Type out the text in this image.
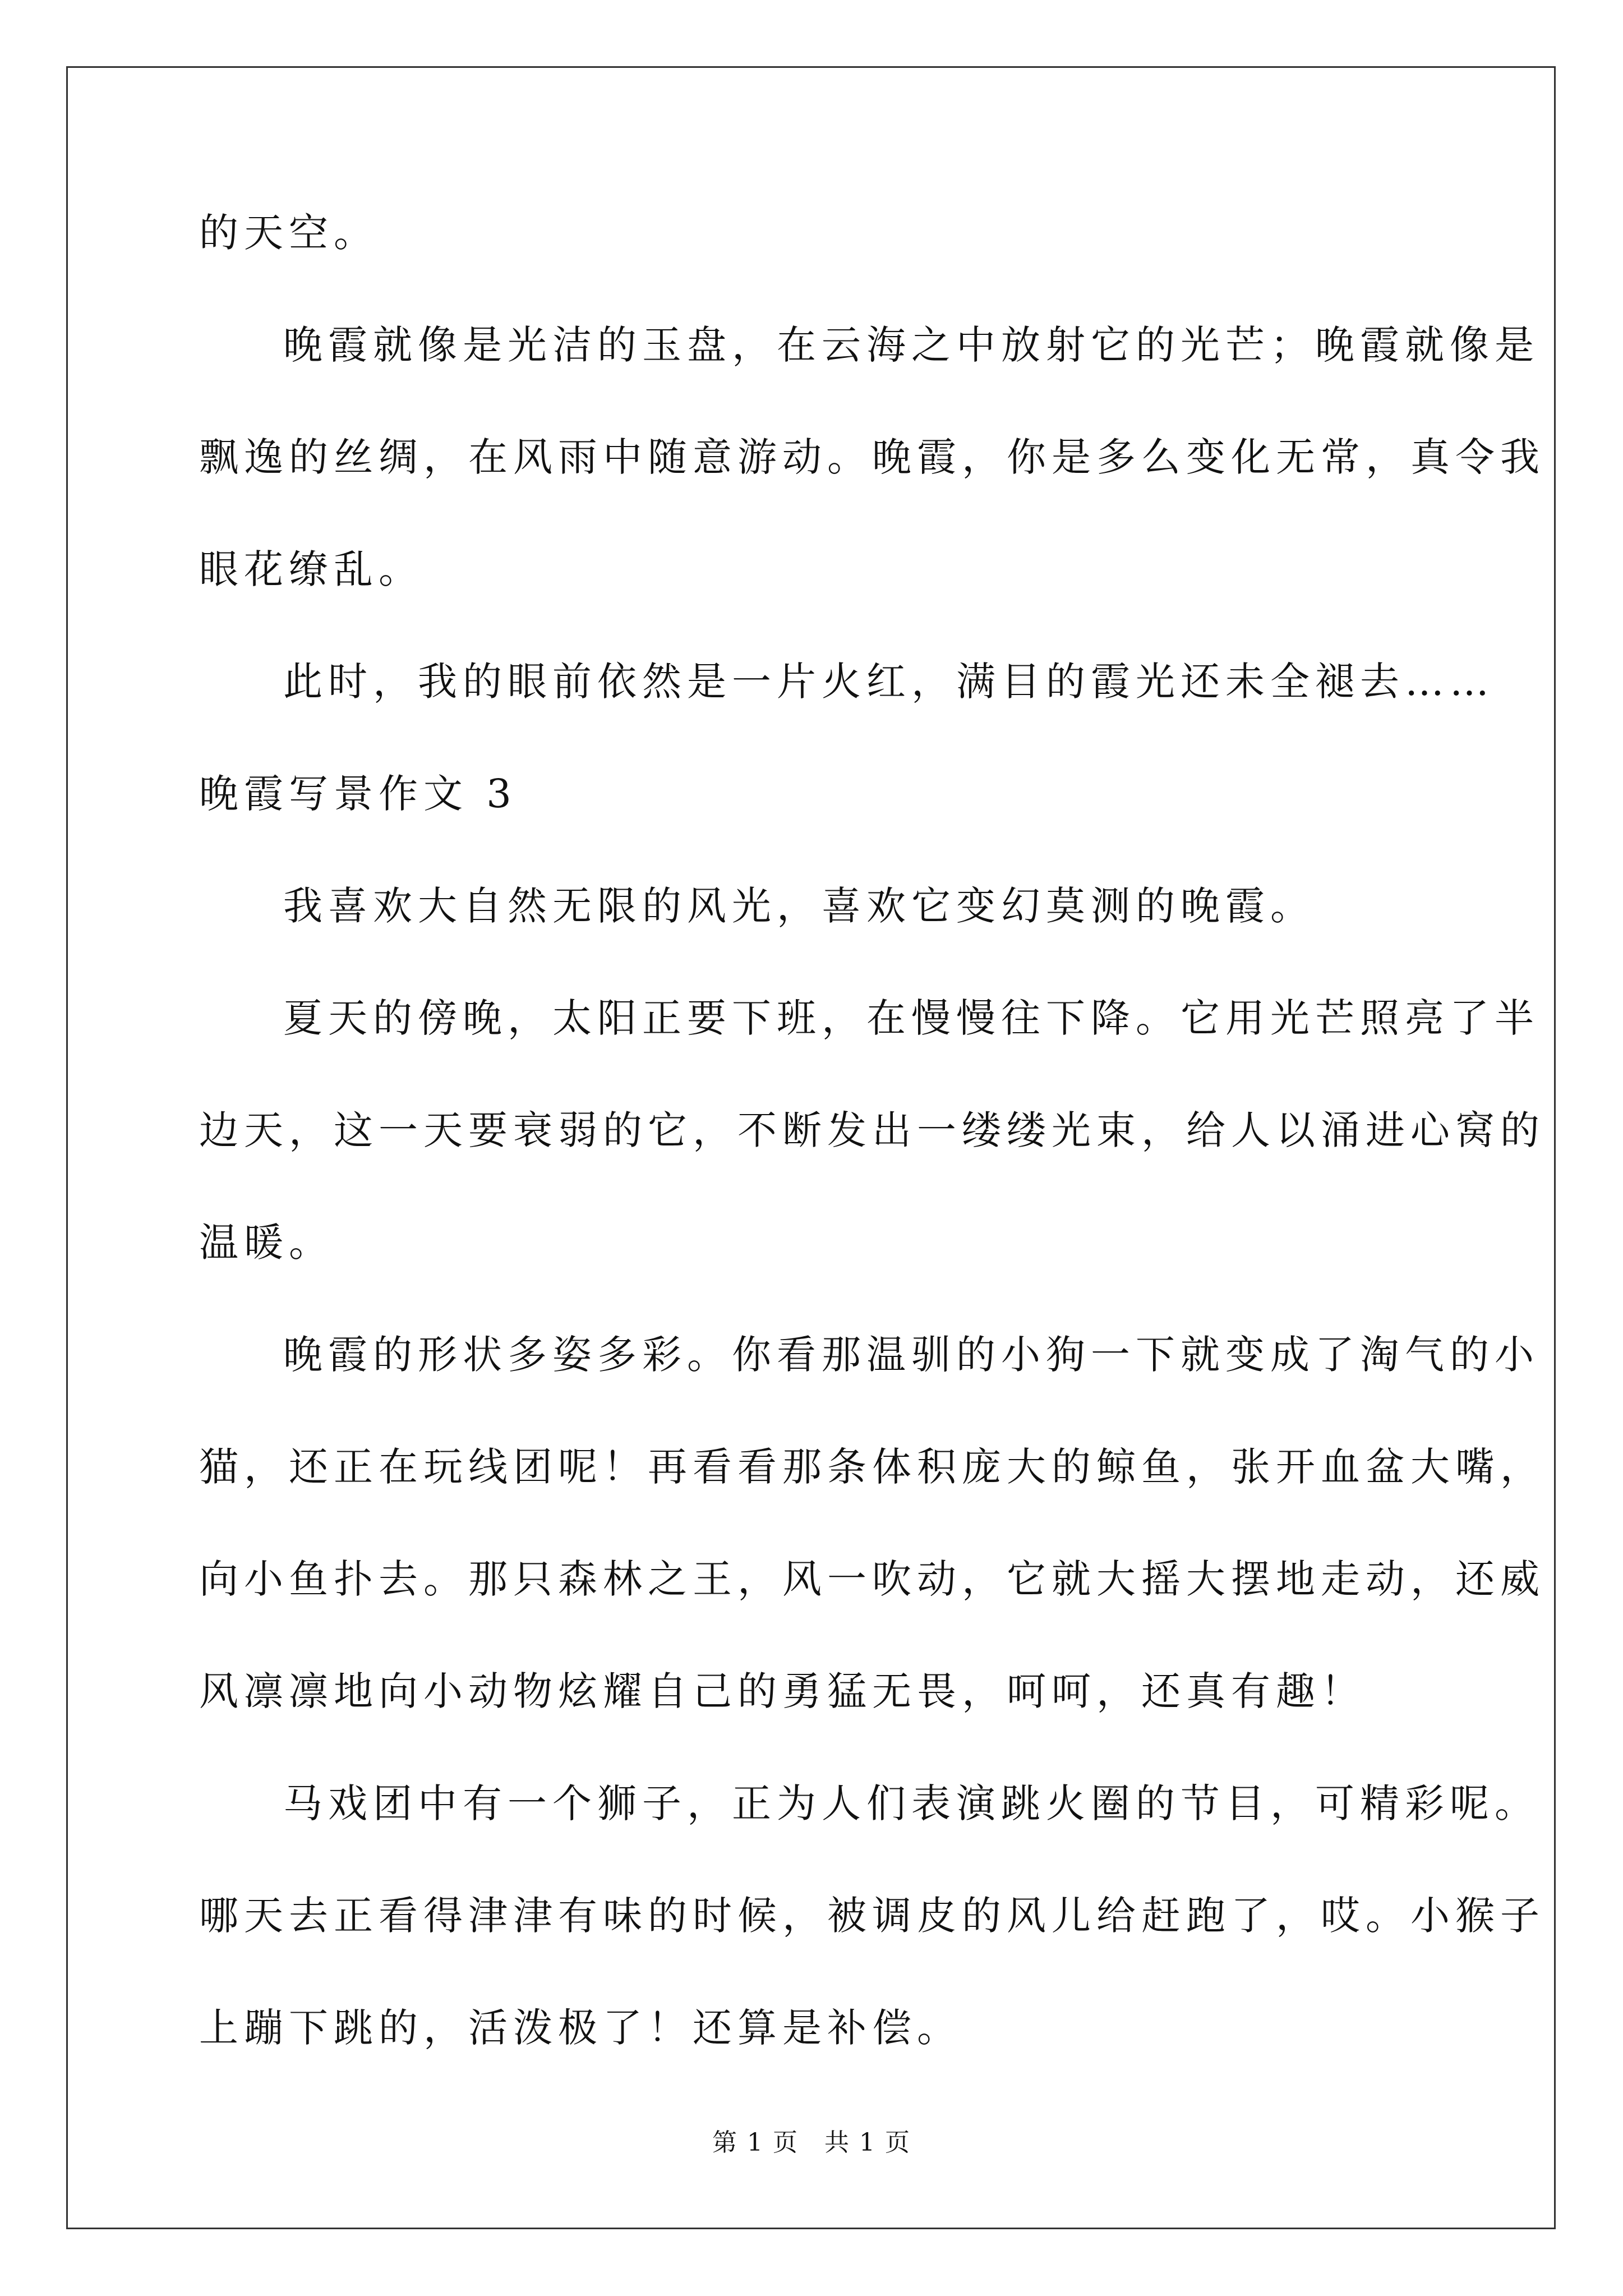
的天空。
晚霞就像是光洁的玉盘，在云海之中放射它的光芒；晚霞就像是
飘逸的丝绸，在风雨中随意游动。晚霞，你是多么变化无常，真令我
眼花缭乱。
此时，我的眼前依然是一片火红，满目的霞光还未全褪去……
晚霞写景作文 3
我喜欢大自然无限的风光，喜欢它变幻莫测的晚霞。
夏天的傍晚，太阳正要下班，在慢慢往下降。它用光芒照亮了半
边天，这一天要衰弱的它，不断发出一缕缕光束，给人以涌进心窝的
温暖。
晚霞的形状多姿多彩。你看那温驯的小狗一下就变成了淘气的小
猫，还正在玩线团呢！再看看那条体积庞大的鲸鱼，张开血盆大嘴，
向小鱼扑去。那只森林之王，风一吹动，它就大摇大摆地走动，还威
风凛凛地向小动物炫耀自己的勇猛无畏，呵呵，还真有趣！
马戏团中有一个狮子，正为人们表演跳火圈的节目，可精彩呢。
哪天去正看得津津有味的时候，被调皮的风儿给赶跑了，哎。小猴子
上蹦下跳的，活泼极了！还算是补偿。
第 1 页　共 1 页
